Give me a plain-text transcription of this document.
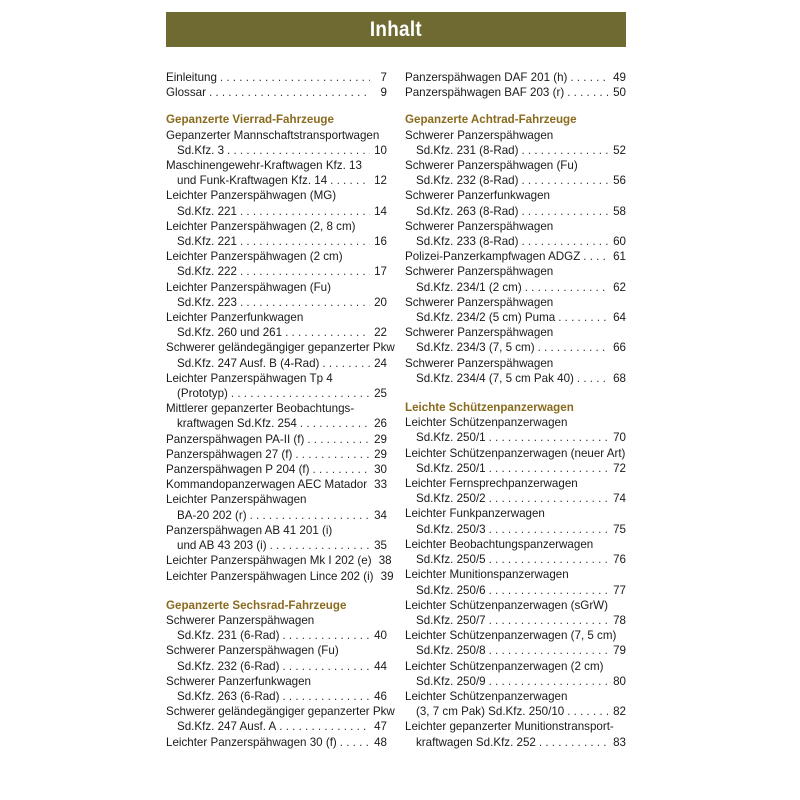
Inhalt
Einleitung . . .	7
Glossar . . .	9
Gepanzerte Vierrad-Fahrzeuge
Gepanzerter Mannschaftstransportwagen
Sd.Kfz. 3 . . .	10
Maschinengewehr-Kraftwagen Kfz. 13
und Funk-Kraftwagen Kfz. 14 . . .	12
Leichter Panzerspähwagen (MG)
Sd.Kfz. 221 . . .	14
Leichter Panzerspähwagen (2, 8 cm)
Sd.Kfz. 221 . . .	16
Leichter Panzerspähwagen (2 cm)
Sd.Kfz. 222 . . .	17
Leichter Panzerspähwagen (Fu)
Sd.Kfz. 223 . . .	20
Leichter Panzerfunkwagen
Sd.Kfz. 260 und 261 . . .	22
Schwerer geländegängiger gepanzerter Pkw
Sd.Kfz. 247 Ausf. B (4-Rad) . . .	24
Leichter Panzerspähwagen Tp 4
(Prototyp) . . .	25
Mittlerer gepanzerter Beobachtungs-
kraftwagen Sd.Kfz. 254 . . .	26
Panzerspähwagen PA-II (f) . . .	29
Panzerspähwagen 27 (f) . . .	29
Panzerspähwagen P 204 (f) . . .	30
Kommandopanzerwagen AEC Matador 33
Leichter Panzerspähwagen
BA-20 202 (r) . . .	34
Panzerspähwagen AB 41 201 (i)
und AB 43 203 (i) . . .	35
Leichter Panzerspähwagen Mk I 202 (e) 38
Leichter Panzerspähwagen Lince 202 (i) 39
Gepanzerte Sechsrad-Fahrzeuge
Schwerer Panzerspähwagen
Sd.Kfz. 231 (6-Rad) . . .	40
Schwerer Panzerspähwagen (Fu)
Sd.Kfz. 232 (6-Rad) . . .	44
Schwerer Panzerfunkwagen
Sd.Kfz. 263 (6-Rad) . . .	46
Schwerer geländegängiger gepanzerter Pkw
Sd.Kfz. 247 Ausf. A . . .	47
Leichter Panzerspähwagen 30 (f) . . .	48
Panzerspähwagen DAF 201 (h) . . .	49
Panzerspähwagen BAF 203 (r) . . .	50
Gepanzerte Achtrad-Fahrzeuge
Schwerer Panzerspähwagen
Sd.Kfz. 231 (8-Rad) . . .	52
Schwerer Panzerspähwagen (Fu)
Sd.Kfz. 232 (8-Rad) . . .	56
Schwerer Panzerfunkwagen
Sd.Kfz. 263 (8-Rad) . . .	58
Schwerer Panzerspähwagen
Sd.Kfz. 233 (8-Rad) . . .	60
Polizei-Panzerkampfwagen ADGZ . . .	61
Schwerer Panzerspähwagen
Sd.Kfz. 234/1 (2 cm) . . .	62
Schwerer Panzerspähwagen
Sd.Kfz. 234/2 (5 cm) Puma . . .	64
Schwerer Panzerspähwagen
Sd.Kfz. 234/3 (7, 5 cm) . . .	66
Schwerer Panzerspähwagen
Sd.Kfz. 234/4 (7, 5 cm Pak 40) . . .	68
Leichte Schützenpanzerwagen
Leichter Schützenpanzerwagen
Sd.Kfz. 250/1 . . .	70
Leichter Schützenpanzerwagen (neuer Art)
Sd.Kfz. 250/1 . . .	72
Leichter Fernsprechpanzerwagen
Sd.Kfz. 250/2 . . .	74
Leichter Funkpanzerwagen
Sd.Kfz. 250/3 . . .	75
Leichter Beobachtungspanzerwagen
Sd.Kfz. 250/5 . . .	76
Leichter Munitionspanzerwagen
Sd.Kfz. 250/6 . . .	77
Leichter Schützenpanzerwagen (sGrW)
Sd.Kfz. 250/7 . . .	78
Leichter Schützenpanzerwagen (7, 5 cm)
Sd.Kfz. 250/8 . . .	79
Leichter Schützenpanzerwagen (2 cm)
Sd.Kfz. 250/9 . . .	80
Leichter Schützenpanzerwagen
(3, 7 cm Pak) Sd.Kfz. 250/10 . . .	82
Leichter gepanzerter Munitionstransport-
kraftwagen Sd.Kfz. 252 . . .	83
